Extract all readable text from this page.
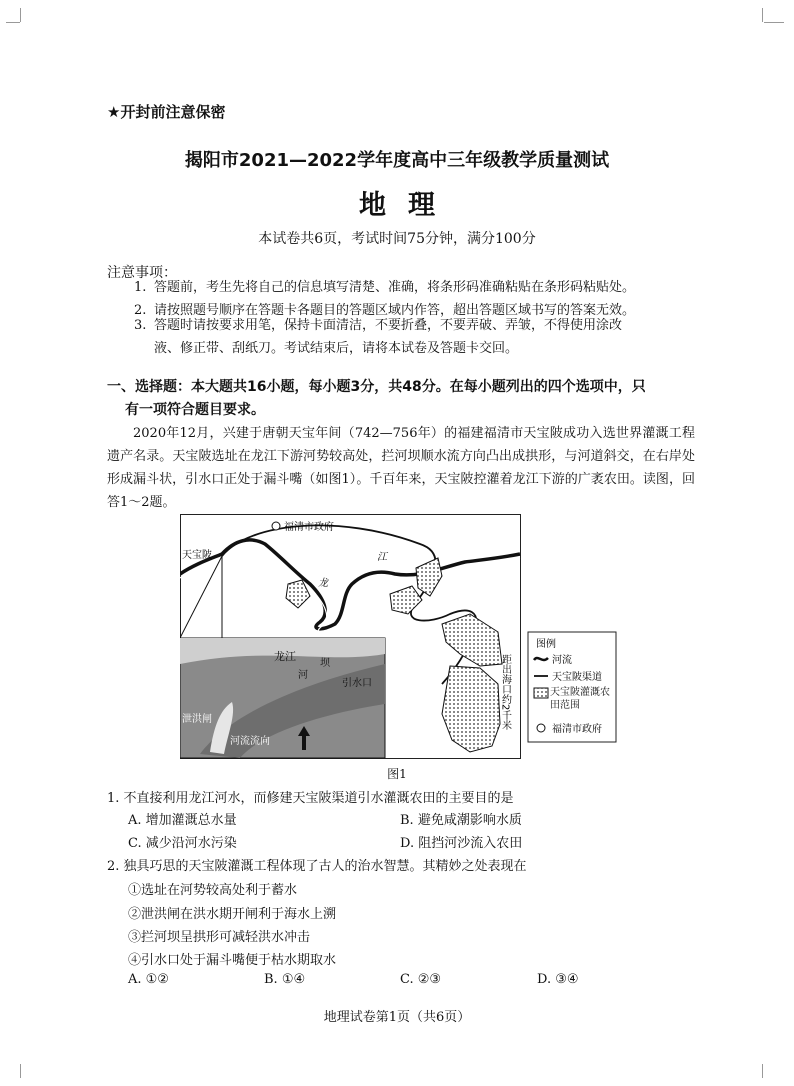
★开封前注意保密
揭阳市2021—2022学年度高中三年级教学质量测试
地理
本试卷共6页，考试时间75分钟，满分100分
注意事项：
1. 答题前，考生先将自己的信息填写清楚、准确，将条形码准确粘贴在条形码粘贴处。
2. 请按照题号顺序在答题卡各题目的答题区域内作答，超出答题区域书写的答案无效。
3. 答题时请按要求用笔，保持卡面清洁，不要折叠，不要弄破、弄皱，不得使用涂改
液、修正带、刮纸刀。考试结束后，请将本试卷及答题卡交回。
一、选择题：本大题共16小题，每小题3分，共48分。在每小题列出的四个选项中，只
有一项符合题目要求。
2020年12月，兴建于唐朝天宝年间（742—756年）的福建福清市天宝陂成功入选世界灌溉工程遗产名录。天宝陂选址在龙江下游河势较高处，拦河坝顺水流方向凸出成拱形，与河道斜交，在右岸处形成漏斗状，引水口正处于漏斗嘴（如图1）。千百年来，天宝陂控灌着龙江下游的广袤农田。读图，回答1～2题。
福清市政府
天宝陂
龙
江
距出海口约2千米
龙江
河
坝
引水口
泄洪闸
河流流向
图例
河流
天宝陂渠道
天宝陂灌溉农田范围
福清市政府
图1
1. 不直接利用龙江河水，而修建天宝陂渠道引水灌溉农田的主要目的是
A. 增加灌溉总水量	B. 避免咸潮影响水质
C. 减少沿河水污染	D. 阻挡河沙流入农田
2. 独具巧思的天宝陂灌溉工程体现了古人的治水智慧。其精妙之处表现在
①选址在河势较高处利于蓄水
②泄洪闸在洪水期开闸利于海水上溯
③拦河坝呈拱形可减轻洪水冲击
④引水口处于漏斗嘴便于枯水期取水
A. ①②	B. ①④	C. ②③	D. ③④
地理试卷第1页（共6页）
